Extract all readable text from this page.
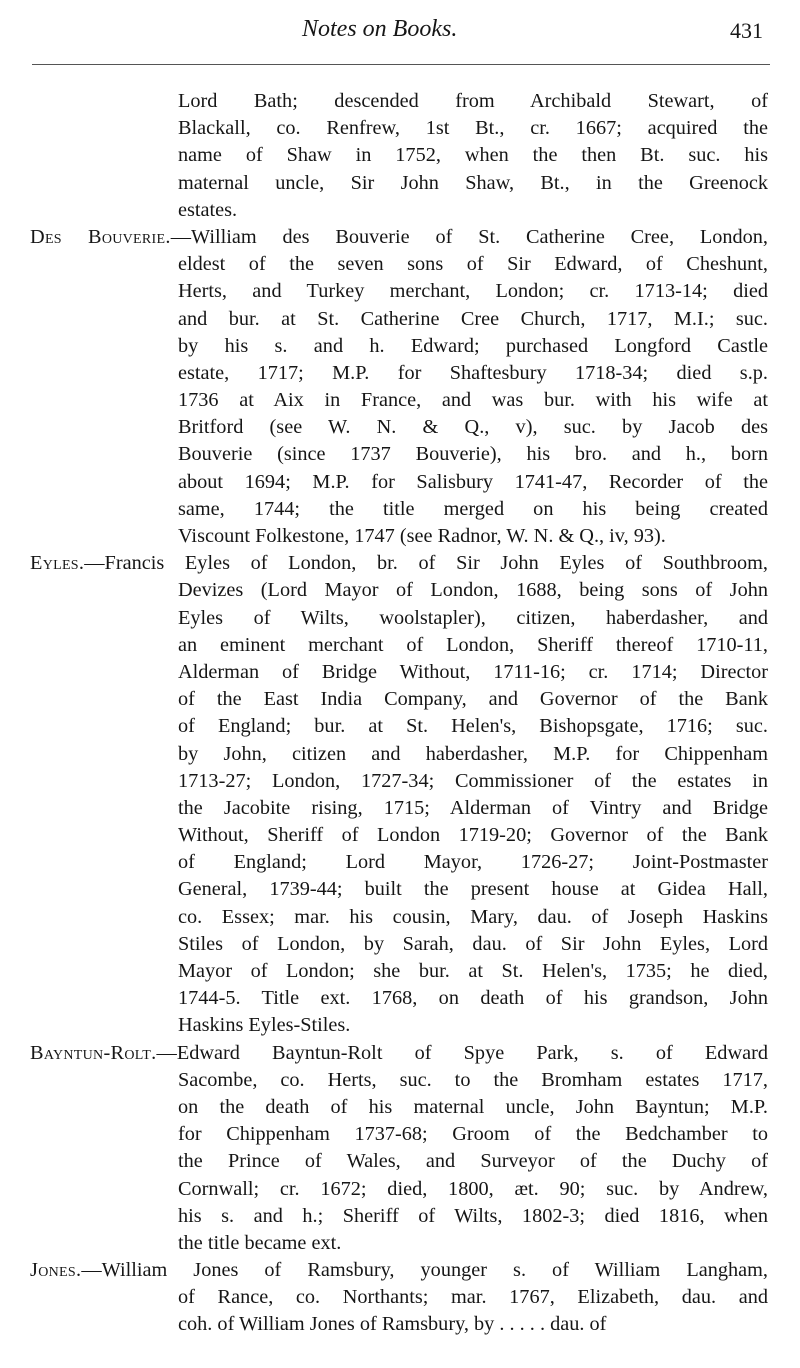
Notes on Books.	431
Lord Bath; descended from Archibald Stewart, of
Blackall, co. Renfrew, 1st Bt., cr. 1667; acquired the
name of Shaw in 1752, when the then Bt. suc. his
maternal uncle, Sir John Shaw, Bt., in the Greenock
estates.
Des Bouverie.—William des Bouverie of St. Catherine Cree, London,
eldest of the seven sons of Sir Edward, of Cheshunt,
Herts, and Turkey merchant, London; cr. 1713-14; died
and bur. at St. Catherine Cree Church, 1717, M.I.; suc.
by his s. and h. Edward; purchased Longford Castle
estate, 1717; M.P. for Shaftesbury 1718-34; died s.p.
1736 at Aix in France, and was bur. with his wife at
Britford (see W. N. & Q., v), suc. by Jacob des
Bouverie (since 1737 Bouverie), his bro. and h., born
about 1694; M.P. for Salisbury 1741-47, Recorder of the
same, 1744; the title merged on his being created
Viscount Folkestone, 1747 (see Radnor, W. N. & Q., iv, 93).
Eyles.—Francis Eyles of London, br. of Sir John Eyles of Southbroom,
Devizes (Lord Mayor of London, 1688, being sons of John
Eyles of Wilts, woolstapler), citizen, haberdasher, and
an eminent merchant of London, Sheriff thereof 1710-11,
Alderman of Bridge Without, 1711-16; cr. 1714; Director
of the East India Company, and Governor of the Bank
of England; bur. at St. Helen's, Bishopsgate, 1716; suc.
by John, citizen and haberdasher, M.P. for Chippenham
1713-27; London, 1727-34; Commissioner of the estates in
the Jacobite rising, 1715; Alderman of Vintry and Bridge
Without, Sheriff of London 1719-20; Governor of the Bank
of England; Lord Mayor, 1726-27; Joint-Postmaster
General, 1739-44; built the present house at Gidea Hall,
co. Essex; mar. his cousin, Mary, dau. of Joseph Haskins
Stiles of London, by Sarah, dau. of Sir John Eyles, Lord
Mayor of London; she bur. at St. Helen's, 1735; he died,
1744-5. Title ext. 1768, on death of his grandson, John
Haskins Eyles-Stiles.
Bayntun-Rolt.—Edward Bayntun-Rolt of Spye Park, s. of Edward
Sacombe, co. Herts, suc. to the Bromham estates 1717,
on the death of his maternal uncle, John Bayntun; M.P.
for Chippenham 1737-68; Groom of the Bedchamber to
the Prince of Wales, and Surveyor of the Duchy of
Cornwall; cr. 1672; died, 1800, æt. 90; suc. by Andrew,
his s. and h.; Sheriff of Wilts, 1802-3; died 1816, when
the title became ext.
Jones.—William Jones of Ramsbury, younger s. of William Langham,
of Rance, co. Northants; mar. 1767, Elizabeth, dau. and
coh. of William Jones of Ramsbury, by . . . . . dau. of
